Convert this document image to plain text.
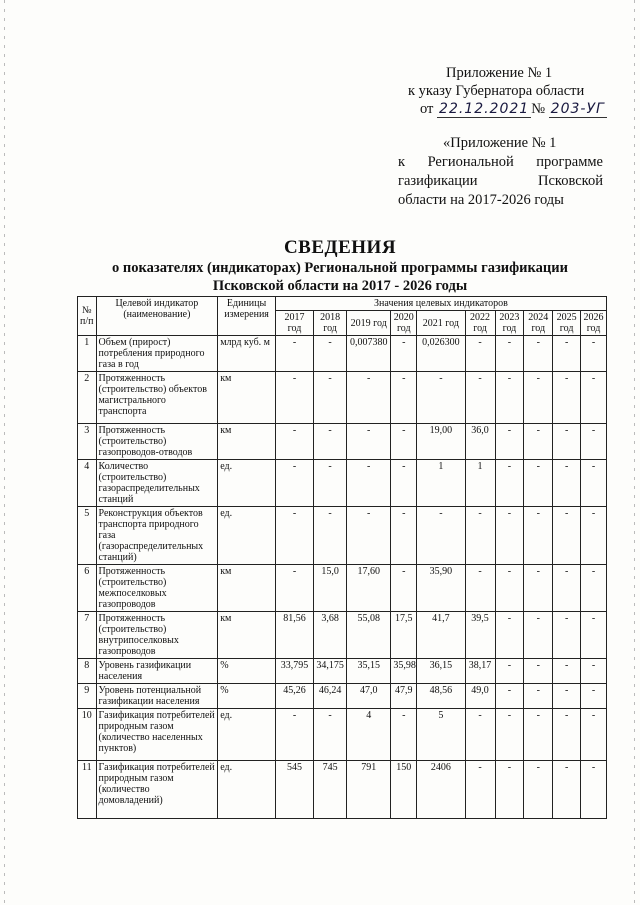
Приложение № 1
к указу Губернатора области
от 22.12.2021 № 203-УГ
«Приложение № 1
к Региональной программе
газификации	Псковской
области на 2017-2026 годы
СВЕДЕНИЯ
о показателях (индикаторах) Региональной программы газификации
Псковской области на 2017 - 2026 годы
№ п/п	Целевой индикатор (наименование)	Единицы измерения	Значения целевых индикаторов									
			2017 год	2018 год	2019 год	2020 год	2021 год	2022 год	2023 год	2024 год	2025 год	2026 год
1	Объем (прирост) потребления природного газа в год	млрд куб. м	-	-	0,007380	-	0,026300	-	-	-	-	-
2	Протяженность (строительство) объектов магистрального транспорта	км	-	-	-	-	-	-	-	-	-	-
3	Протяженность (строительство) газопроводов-отводов	км	-	-	-	-	19,00	36,0	-	-	-	-
4	Количество (строительство) газораспределительных станций	ед.	-	-	-	-	1	1	-	-	-	-
5	Реконструкция объектов транспорта природного газа (газораспределительных станций)	ед.	-	-	-	-	-	-	-	-	-	-
6	Протяженность (строительство) межпоселковых газопроводов	км	-	15,0	17,60	-	35,90	-	-	-	-	-
7	Протяженность (строительство) внутрипоселковых газопроводов	км	81,56	3,68	55,08	17,5	41,7	39,5	-	-	-	-
8	Уровень газификации населения	%	33,795	34,175	35,15	35,98	36,15	38,17	-	-	-	-
9	Уровень потенциальной газификации населения	%	45,26	46,24	47,0	47,9	48,56	49,0	-	-	-	-
10	Газификация потребителей природным газом (количество населенных пунктов)	ед.	-	-	4	-	5	-	-	-	-	-
11	Газификация потребителей природным газом (количество домовладений)	ед.	545	745	791	150	2406	-	-	-	-	-
